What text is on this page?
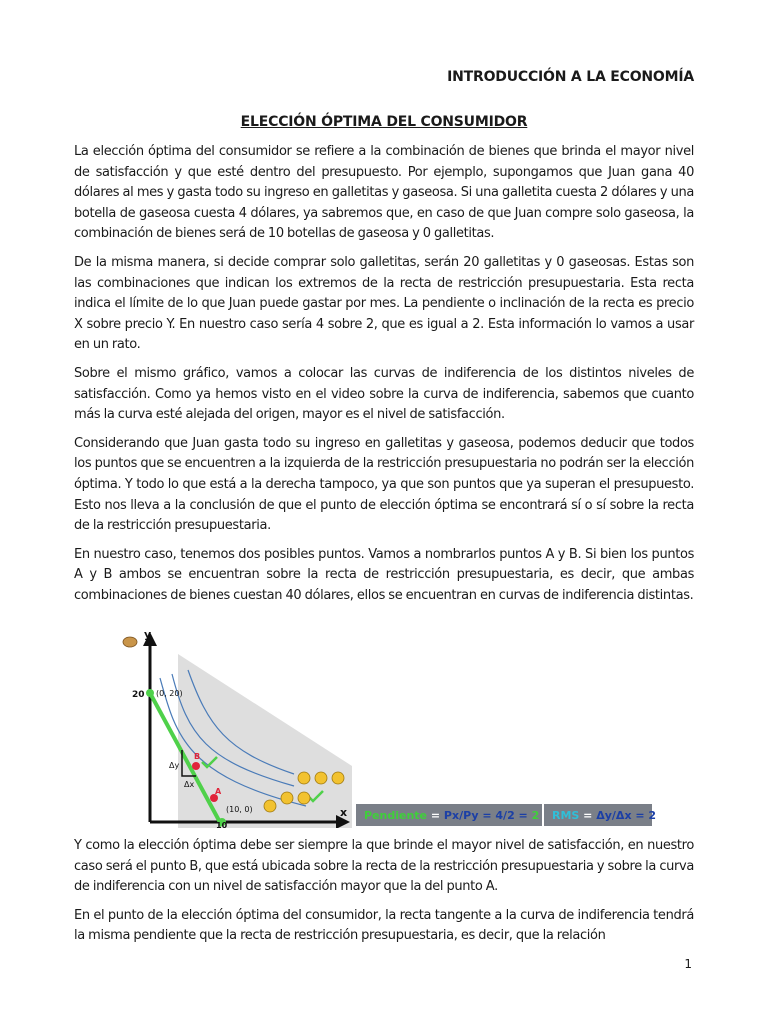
INTRODUCCIÓN A LA ECONOMÍA
ELECCIÓN ÓPTIMA DEL CONSUMIDOR

La elección óptima del consumidor se refiere a la combinación de bienes que brinda el mayor nivel de satisfacción y que esté dentro del presupuesto. Por ejemplo, supongamos que Juan gana 40 dólares al mes y gasta todo su ingreso en galletitas y gaseosa. Si una galletita cuesta 2 dólares y una botella de gaseosa cuesta 4 dólares, ya sabremos que, en caso de que Juan compre solo gaseosa, la combinación de bienes será de 10 botellas de gaseosa y 0 galletitas.

De la misma manera, si decide comprar solo galletitas, serán 20 galletitas y 0 gaseosas. Estas son las combinaciones que indican los extremos de la recta de restricción presupuestaria. Esta recta indica el límite de lo que Juan puede gastar por mes. La pendiente o inclinación de la recta es precio X sobre precio Y. En nuestro caso sería 4 sobre 2, que es igual a 2. Esta información lo vamos a usar en un rato.

Sobre el mismo gráfico, vamos a colocar las curvas de indiferencia de los distintos niveles de satisfacción. Como ya hemos visto en el video sobre la curva de indiferencia, sabemos que cuanto más la curva esté alejada del origen, mayor es el nivel de satisfacción.

Considerando que Juan gasta todo su ingreso en galletitas y gaseosa, podemos deducir que todos los puntos que se encuentren a la izquierda de la restricción presupuestaria no podrán ser la elección óptima. Y todo lo que está a la derecha tampoco, ya que son puntos que ya superan el presupuesto. Esto nos lleva a la conclusión de que el punto de elección óptima se encontrará sí o sí sobre la recta de la restricción presupuestaria.

En nuestro caso, tenemos dos posibles puntos. Vamos a nombrarlos puntos A y B. Si bien los puntos A y B ambos se encuentran sobre la recta de restricción presupuestaria, es decir, que ambas combinaciones de bienes cuestan 40 dólares, ellos se encuentran en curvas de indiferencia distintas.

y
x
20
10
(0, 20)
(10, 0)
B
A
Δy
Δx
Pendiente = Px/Py = 4/2 = 2 RMS = Δy/Δx = 2

Y como la elección óptima debe ser siempre la que brinde el mayor nivel de satisfacción, en nuestro caso será el punto B, que está ubicada sobre la recta de la restricción presupuestaria y sobre la curva de indiferencia con un nivel de satisfacción mayor que la del punto A.

En el punto de la elección óptima del consumidor, la recta tangente a la curva de indiferencia tendrá la misma pendiente que la recta de restricción presupuestaria, es decir, que la relación

1
